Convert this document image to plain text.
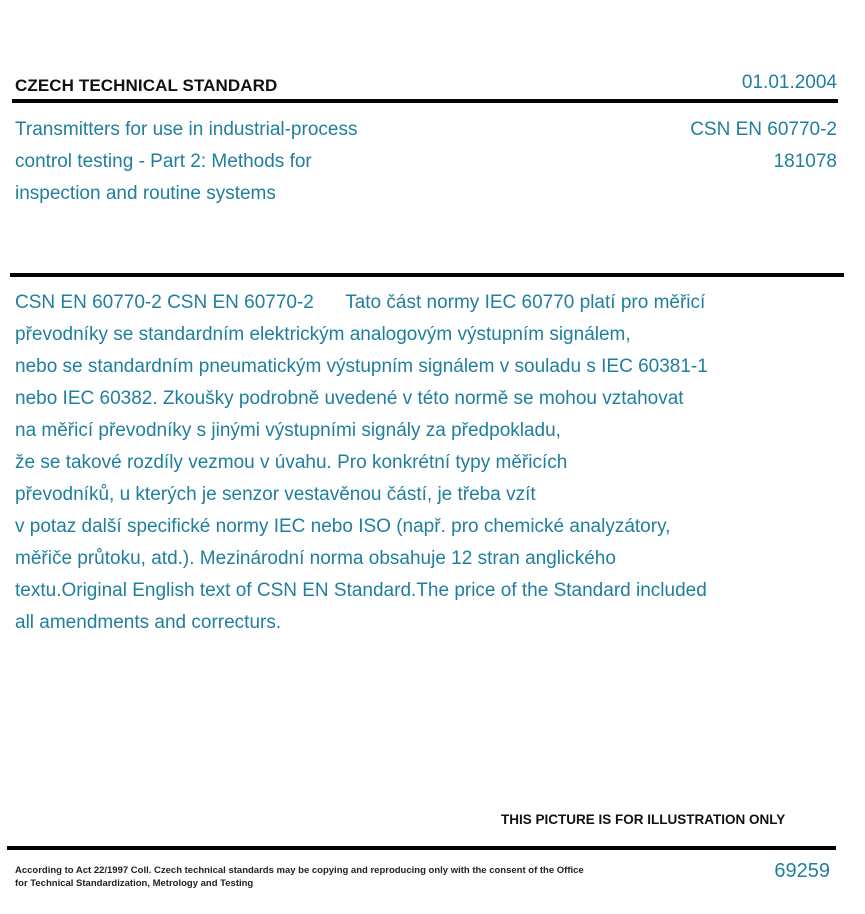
CZECH TECHNICAL STANDARD	01.01.2004
Transmitters for use in industrial-process
control testing - Part 2: Methods for
inspection and routine systems
CSN EN 60770-2
181078
CSN EN 60770-2 CSN EN 60770-2      Tato část normy IEC 60770 platí pro měřicí
převodníky se standardním elektrickým analogovým výstupním signálem,
nebo se standardním pneumatickým výstupním signálem v souladu s IEC 60381-1
nebo IEC 60382. Zkoušky podrobně uvedené v této normě se mohou vztahovat
na měřicí převodníky s jinými výstupními signály za předpokladu,
že se takové rozdíly vezmou v úvahu. Pro konkrétní typy měřicích
převodníků, u kterých je senzor vestavěnou částí, je třeba vzít
v potaz další specifické normy IEC nebo ISO (např. pro chemické analyzátory,
měřiče průtoku, atd.). Mezinárodní norma obsahuje 12 stran anglického
textu.Original English text of CSN EN Standard.The price of the Standard included
all amendments and correcturs.
THIS PICTURE IS FOR ILLUSTRATION ONLY
According to Act 22/1997 Coll. Czech technical standards may be copying and reproducing only with the consent of the Office
for Technical Standardization, Metrology and Testing
69259
